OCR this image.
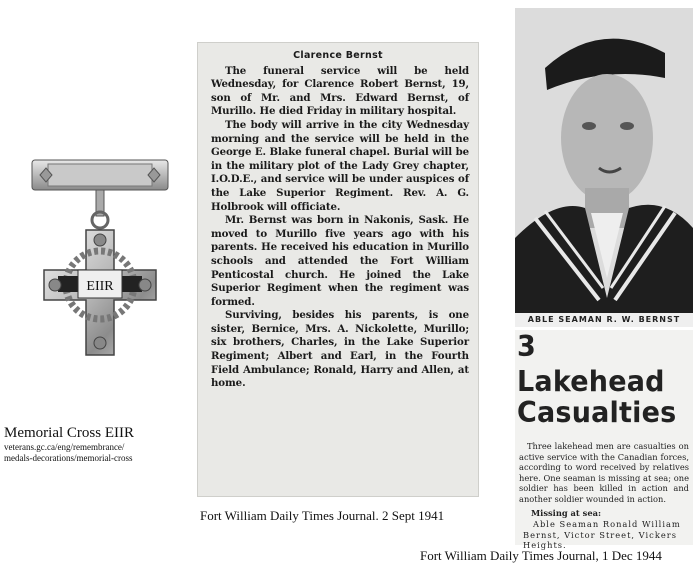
EIIR
Memorial Cross EIIR
veterans.gc.ca/eng/remembrance/
medals-decorations/memorial-cross
Clarence Bernst

The funeral service will be held Wednesday, for Clarence Robert Bernst, 19, son of Mr. and Mrs. Edward Bernst, of Murillo. He died Friday in military hospital.

The body will arrive in the city Wednesday morning and the service will be held in the George E. Blake funeral chapel. Burial will be in the military plot of the Lady Grey chapter, I.O.D.E., and service will be under auspices of the Lake Superior Regiment. Rev. A. G. Holbrook will officiate.

Mr. Bernst was born in Nakonis, Sask. He moved to Murillo five years ago with his parents. He received his education in Murillo schools and attended the Fort William Penticostal church. He joined the Lake Superior Regiment when the regiment was formed.

Surviving, besides his parents, is one sister, Bernice, Mrs. A. Nickolette, Murillo; six brothers, Charles, in the Lake Superior Regiment; Albert and Earl, in the Fourth Field Ambulance; Ronald, Harry and Allen, at home.

Fort William Daily Times Journal. 2 Sept 1941
ABLE SEAMAN R. W. BERNST
3 Lakehead
Casualties
Three lakehead men are casualties on active service with the Canadian forces, according to word received by relatives here. One seaman is missing at sea; one soldier has been killed in action and another soldier wounded in action.
Missing at sea:
Able Seaman Ronald William Bernst, Victor Street, Vickers Heights.
Fort William Daily Times Journal, 1 Dec 1944
